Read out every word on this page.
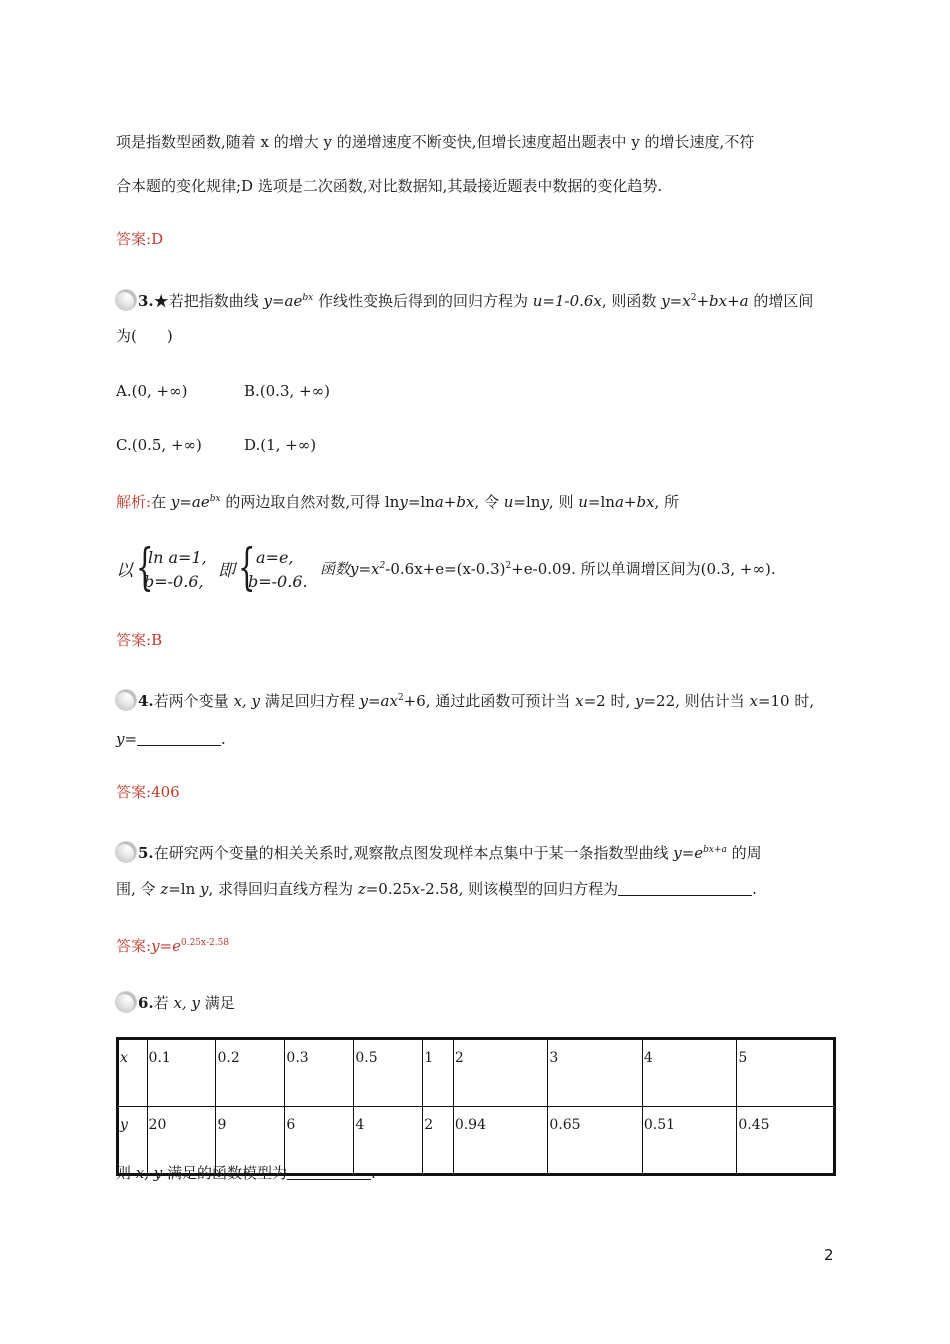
项是指数型函数,随着 x 的增大 y 的递增速度不断变快,但增长速度超出题表中 y 的增长速度,不符
合本题的变化规律;D 选项是二次函数,对比数据知,其最接近题表中数据的变化趋势.
答案:D
3.★若把指数曲线 $y=ae^{bx}$ 作线性变换后得到的回归方程为 u=1-0.6x, 则函数 $y=x^2+bx+a$ 的增区间
为(　　)
A.(0, +∞)	B.(0.3, +∞)
C.(0.5, +∞)	D.(1, +∞)
解析:在 $y=ae^{bx}$ 的两边取自然对数,可得 lny=lna+bx, 令 u=lny, 则 u=lna+bx, 所
以 {
ln a=1,
b=-0.6,
即 { a=e,
b=-0.6.
函数$y=x^2-0.6x+e=(x-0.3)^2+e-0.09$. 所以单调增区间为(0.3, +∞).
答案:B
4.若两个变量 x, y 满足回归方程 $y=ax^2+6$, 通过此函数可预计当 x=2 时, y=22, 则估计当 x=10 时,
y=	.
答案:406
5.在研究两个变量的相关关系时,观察散点图发现样本点集中于某一条指数型曲线 $y=e^{bx+a}$ 的周
围, 令 z=ln y, 求得回归直线方程为 z=0.25x-2.58, 则该模型的回归方程为	.
答案$:y=e^{0.25x-2.58}$
6.若 x, y 满足
x	0.1	0.2	0.3	0.5	1	2	3	4	5
y	20	9	6	4	2	0.94	0.65	0.51	0.45
则 x, y 满足的函数模型为	.
2
